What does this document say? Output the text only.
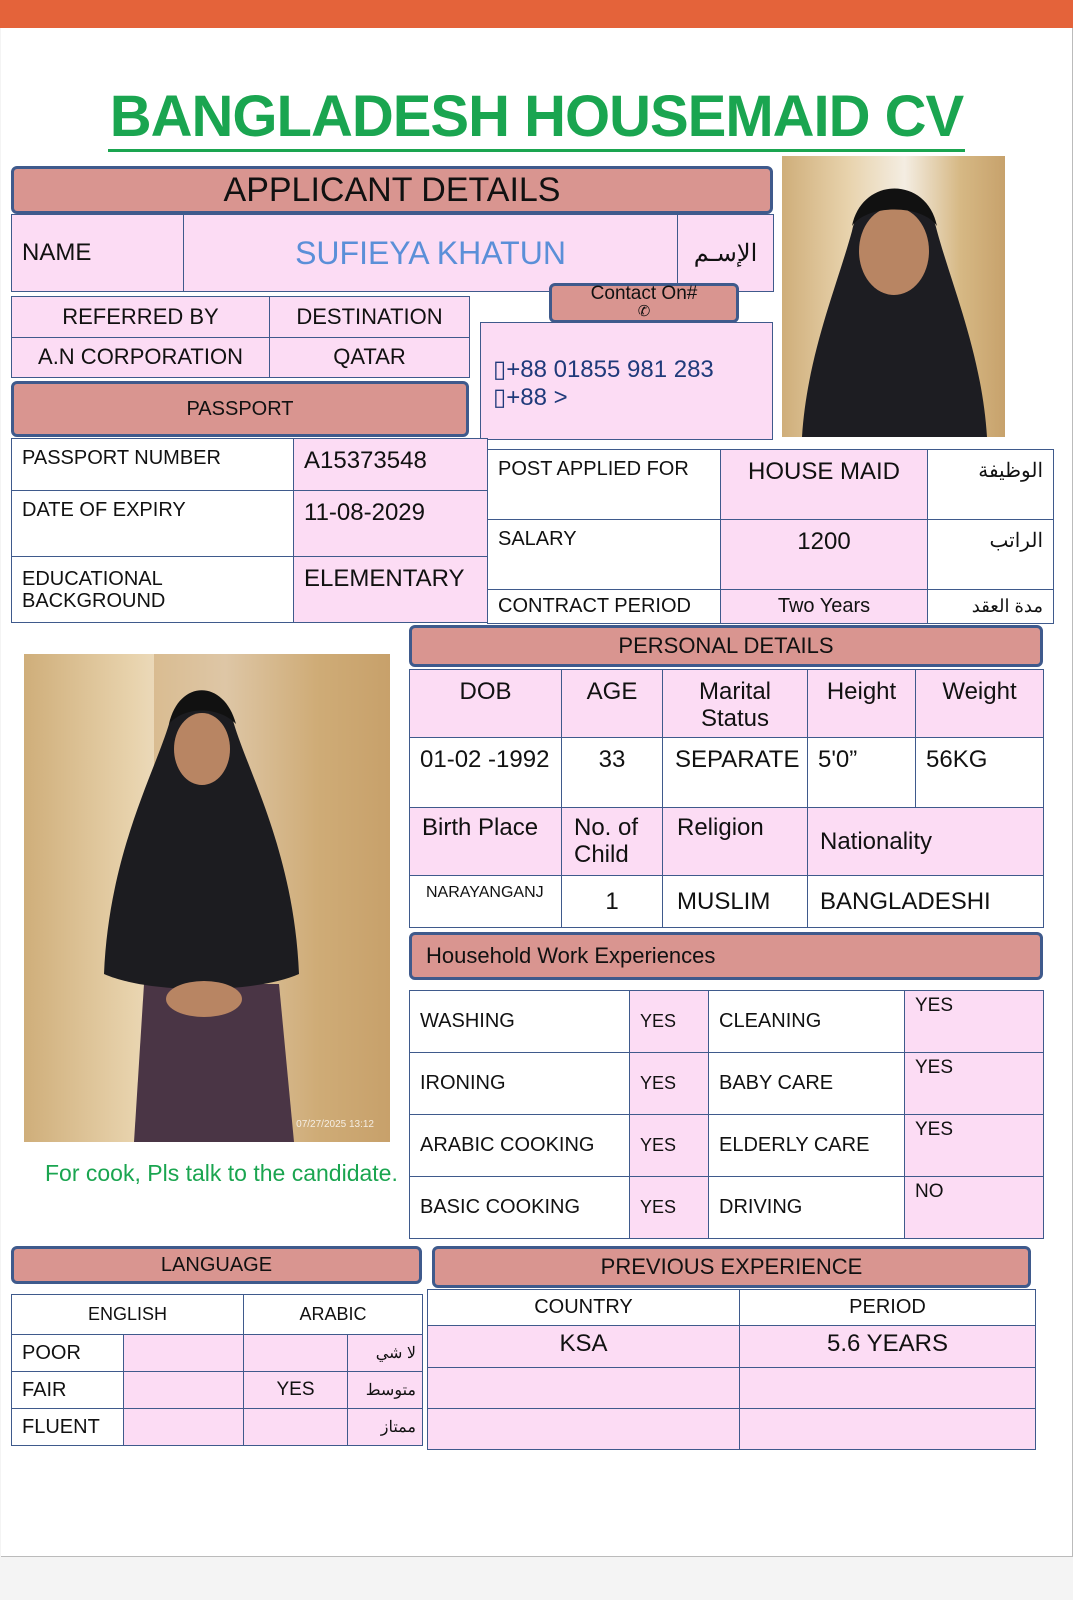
BANGLADESH HOUSEMAID CV
APPLICANT DETAILS
NAME	SUFIEYA KHATUN	الإسـم
REFERRED BY	DESTINATION
A.N CORPORATION	QATAR	▯+88 01855 981 283
▯+88 >
Contact On#
✆
PASSPORT
PASSPORT NUMBER	A15373548
DATE OF EXPIRY	11-08-2029
EDUCATIONAL BACKGROUND	ELEMENTARY
POST APPLIED FOR	HOUSE MAID	الوظيفة
SALARY	1200	الراتب
CONTRACT PERIOD	Two Years	مدة العقد
07/27/2025 13:12
For cook, Pls talk to the candidate.
PERSONAL DETAILS
DOB	AGE	Marital Status	Height	Weight
01-02 -1992	33	SEPARATE	5'0”	56KG
Birth Place	No. of Child	Religion	Nationality	
NARAYANGANJ	1	MUSLIM	BANGLADESHI	
Household Work Experiences
WASHING	YES	CLEANING	YES
IRONING	YES	BABY CARE	YES
ARABIC COOKING	YES	ELDERLY CARE	YES
BASIC COOKING	YES	DRIVING	NO
LANGUAGE
ENGLISH		ARABIC	
POOR			لا شي
FAIR		YES	متوسط
FLUENT			ممتاز
PREVIOUS EXPERIENCE
COUNTRY	PERIOD
KSA	5.6 YEARS
